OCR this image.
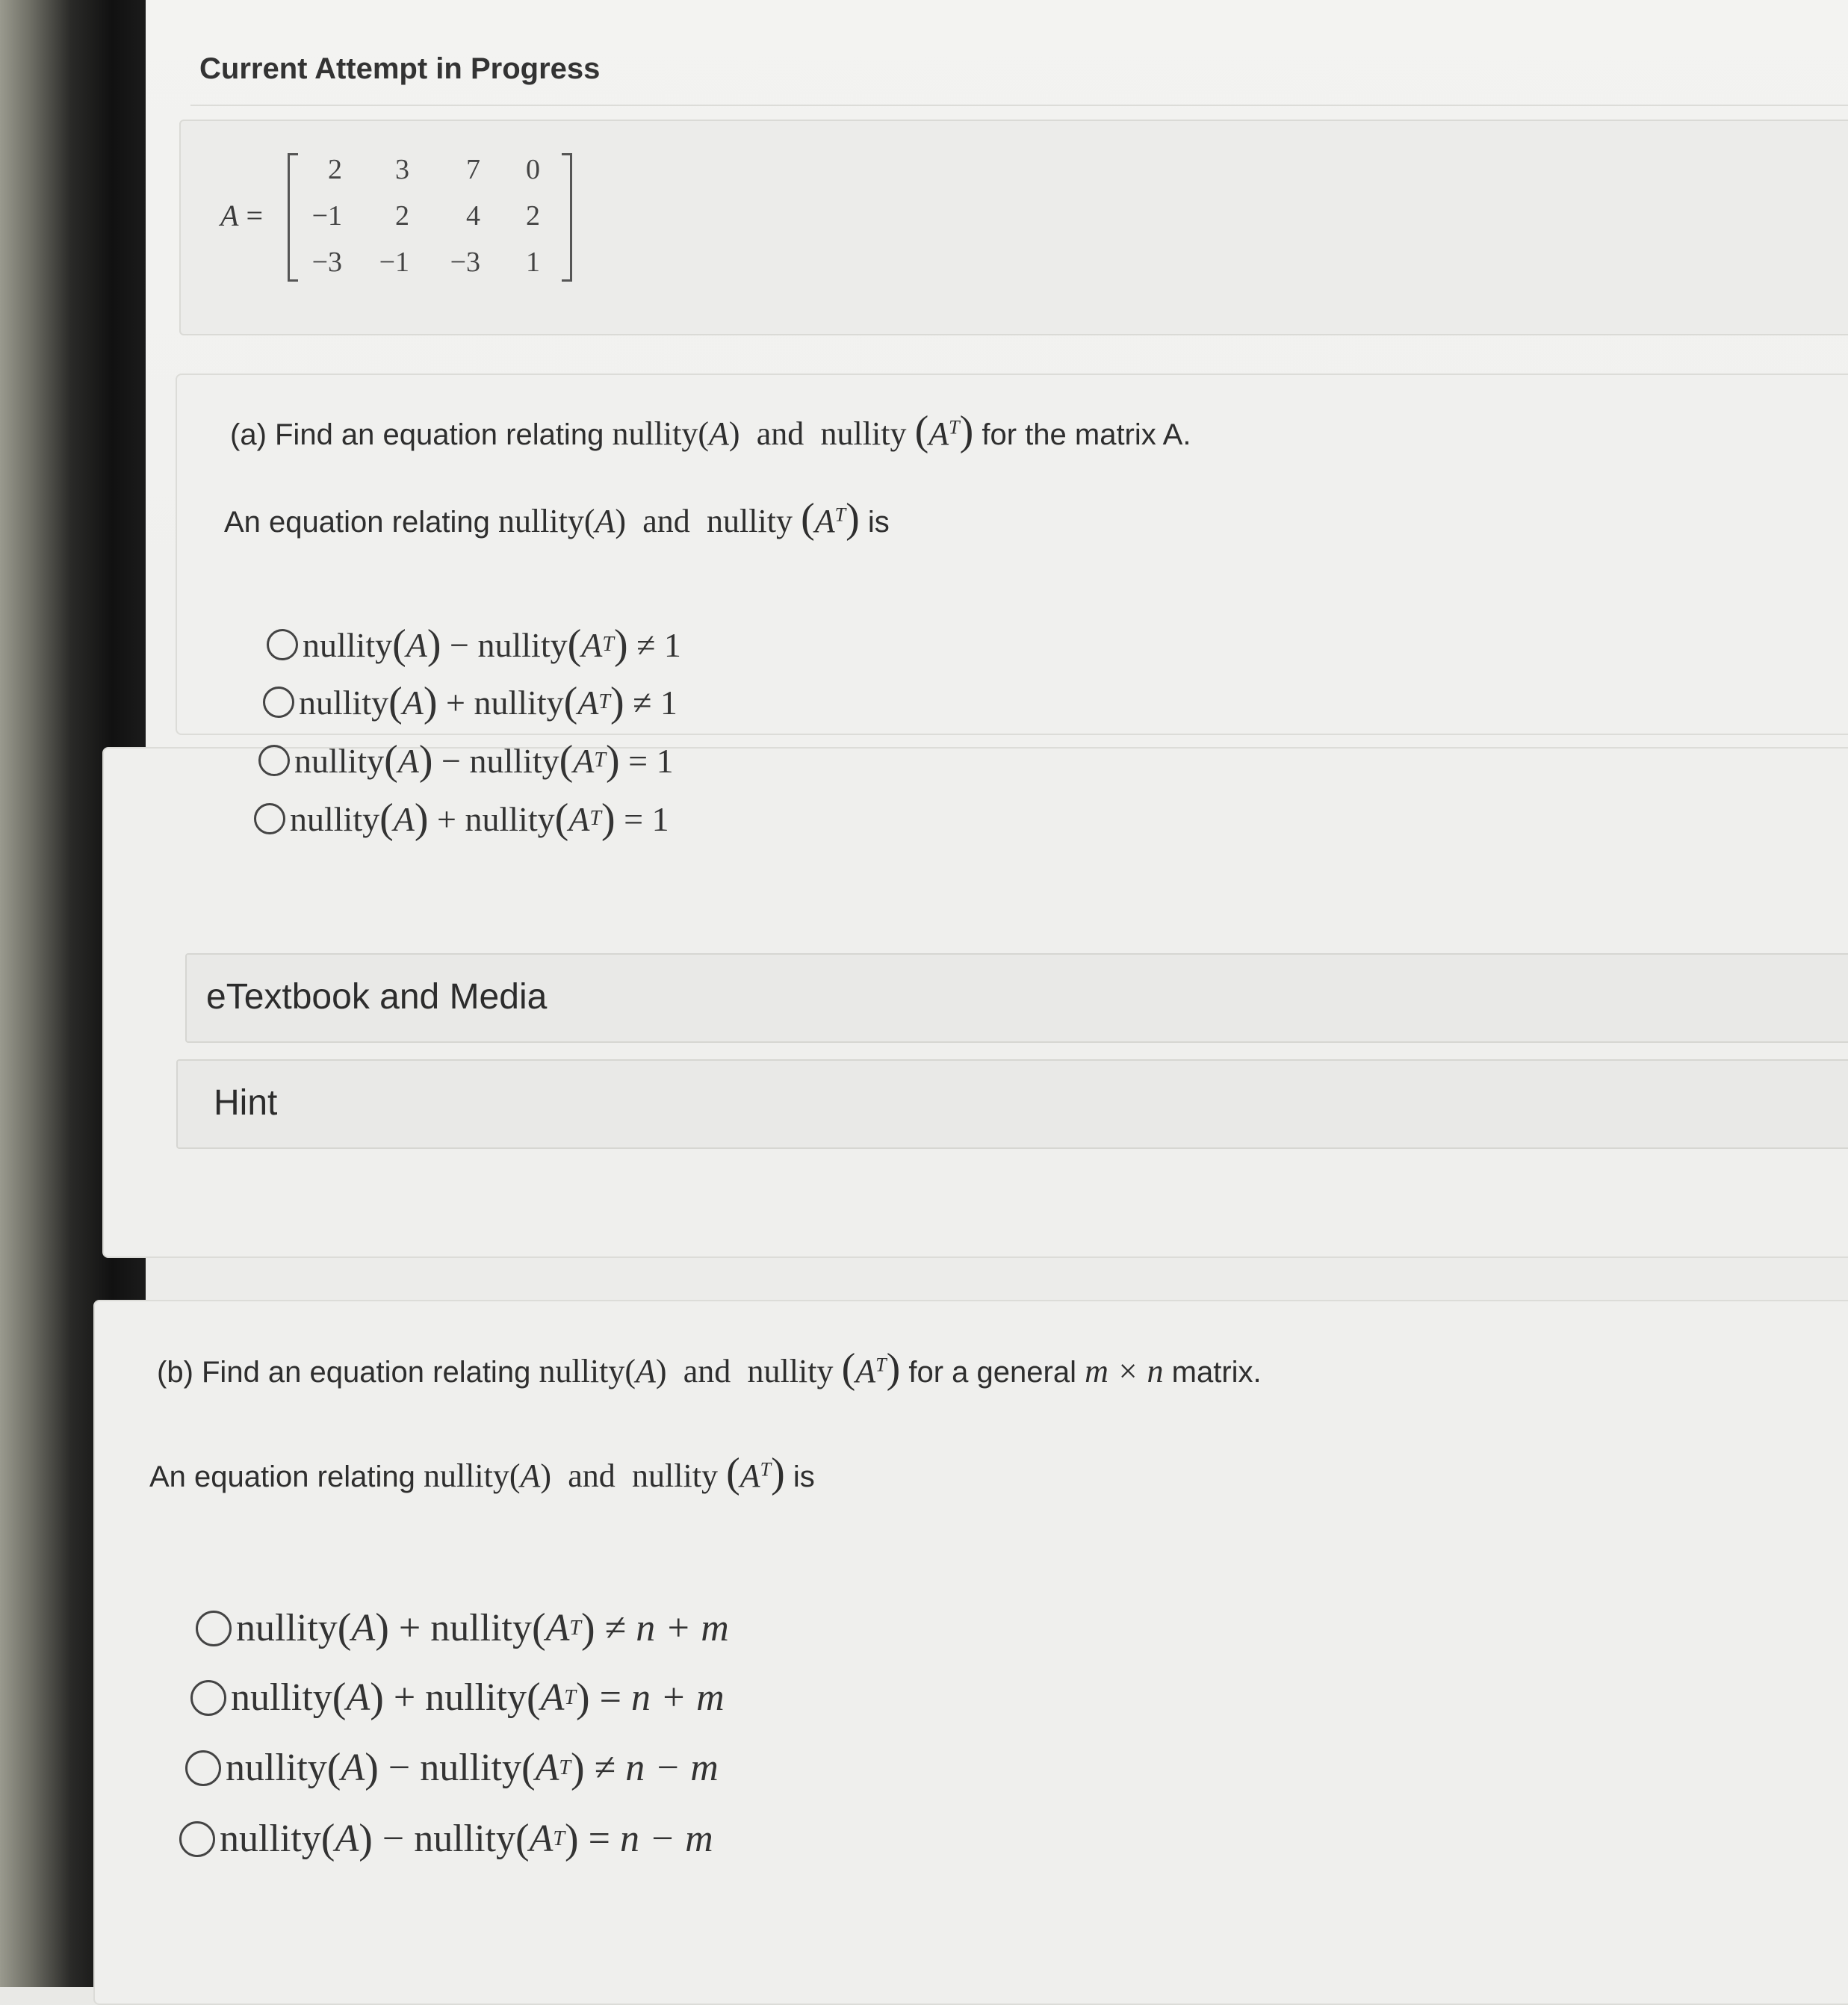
Current Attempt in Progress
A =
2	3	7	0
−1	2	4	2
−3	−1	−3	1
(a) Find an equation relating nullity(A) and nullity $(A^T)$ for the matrix A.
An equation relating nullity(A) and nullity $(A^T)$ is
nullity ( A )
−
nullity ( A T )
≠
1
nullity ( A )
+
nullity ( A T )
≠
1
nullity ( A )
−
nullity ( A T )
=
1
nullity ( A )
+
nullity ( A T )
=
1
eTextbook and Media
Hint
(b) Find an equation relating nullity(A) and nullity $(A^T)$ for a general m × n matrix.
An equation relating nullity(A) and nullity $(A^T)$ is
nullity ( A )
+
nullity ( A T )
≠
n + m
nullity ( A )
+
nullity ( A T )
=
n + m
nullity ( A )
−
nullity ( A T )
≠
n − m
nullity ( A )
−
nullity ( A T )
=
n − m
